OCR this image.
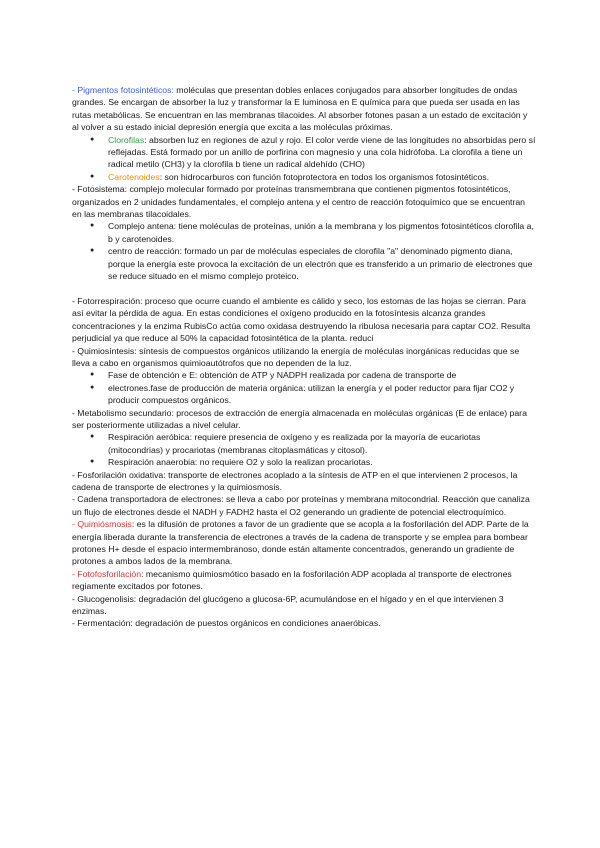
- Pigmentos fotosintéticos: moléculas que presentan dobles enlaces conjugados para absorber longitudes de ondas grandes. Se encargan de absorber la luz y transformar la E luminosa en E química para que pueda ser usada en las rutas metabólicas. Se encuentran en las membranas tilacoides. Al absorber fotones pasan a un estado de excitación y al volver a su estado inicial depresión energía que excita a las moléculas próximas.

● Clorofilas: absorben luz en regiones de azul y rojo. El color verde viene de las longitudes no absorbidas pero sí reflejadas. Está formado por un anillo de porfirina con magnesio y una cola hidrófoba. La clorofila a tiene un radical metilo (CH3) y la clorofila b tiene un radical aldehído (CHO)
● Carotenoides: son hidrocarburos con función fotoprotectora en todos los organismos fotosintéticos.

- Fotosistema: complejo molecular formado por proteínas transmembrana que contienen pigmentos fotosintéticos, organizados en 2 unidades fundamentales, el complejo antena y el centro de reacción fotoquímico que se encuentran en las membranas tilacoidales.

● Complejo antena: tiene moléculas de proteínas, unión a la membrana y los pigmentos fotosintéticos clorofila a, b y carotenoides.
● centro de reacción: formado un par de moléculas especiales de clorofila "a" denominado pigmento diana, porque la energía este provoca la excitación de un electrón que es transferido a un primario de electrones que se reduce situado en el mismo complejo proteico.

- Fotorrespiración: proceso que ocurre cuando el ambiente es cálido y seco, los estomas de las hojas se cierran. Para así evitar la pérdida de agua. En estas condiciones el oxígeno producido en la fotosíntesis alcanza grandes concentraciones y la enzima RubisCo actúa como oxidasa destruyendo la ribulosa necesaria para captar CO2. Resulta perjudicial ya que reduce al 50% la capacidad fotosintética de la planta. reduci

- Quimiosíntesis: síntesis de compuestos orgánicos utilizando la energía de moléculas inorgánicas reducidas que se lleva a cabo en organismos quimioautótrofos que no dependen de la luz.

● Fase de obtención e E: obtención de ATP y NADPH realizada por cadena de transporte de
● electrones.fase de producción de materia orgánica: utilizan la energía y el poder reductor para fijar CO2 y producir compuestos orgánicos.

- Metabolismo secundario: procesos de extracción de energía almacenada en moléculas orgánicas (E de enlace) para ser posteriormente utilizadas a nivel celular.

● Respiración aeróbica: requiere presencia de oxígeno y es realizada por la mayoría de eucariotas (mitocondrias) y procariotas (membranas citoplasmáticas y citosol).
● Respiración anaerobia: no requiere O2 y solo la realizan procariotas.

- Fosforilación oxidativa: transporte de electrones acoplado a la síntesis de ATP en el que intervienen 2 procesos, la cadena de transporte de electrones y la quimiosmosis.

- Cadena transportadora de electrones: se lleva a cabo por proteínas y membrana mitocondrial. Reacción que canaliza un flujo de electrones desde el NADH y FADH2 hasta el O2 generando un gradiente de potencial electroquímico.

- Quimiósmosis: es la difusión de protones a favor de un gradiente que se acopla a la fosforilación del ADP. Parte de la energía liberada durante la transferencia de electrones a través de la cadena de transporte y se emplea para bombear protones H+ desde el espacio intermembranoso, donde están altamente concentrados, generando un gradiente de protones a ambos lados de la membrana.

- Fotofosforilación: mecanismo quimiosmótico basado en la fosforilación ADP acoplada al transporte de electrones regiamente excitados por fotones.

- Glucogenolisis: degradación del glucógeno a glucosa-6P, acumulándose en el hígado y en el que intervienen 3 enzimas.

- Fermentación: degradación de puestos orgánicos en condiciones anaeróbicas.
